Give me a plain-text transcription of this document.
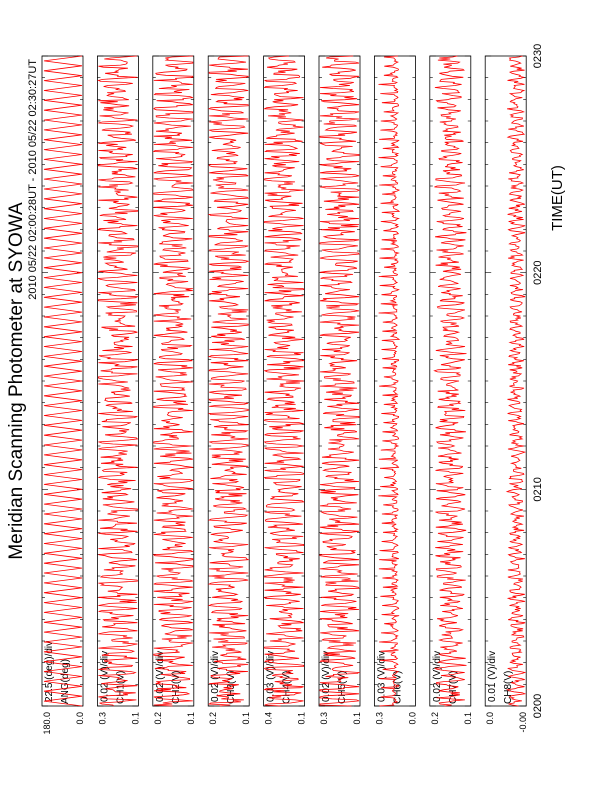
Meridian Scanning Photometer at SYOWA
2010 05/22 02:00:28UT - 2010 05/22 02:30:27UT
180.0	0.0
ANG(deg)
22.5 (deg)/div
0.3	0.1
CH1(V)
0.02 (V)/div
0.2	0.1
CH2(V)
0.02 (V)/div
0.2	0.1
CH3(V)
0.02 (V)/div
0.4	0.1
CH4(V)
0.03 (V)/div
0.3	0.1
CH5(V)
0.02 (V)/div
0.3	0.0
CH6(V)
0.03 (V)/div
0.2	0.1
CH7(V)
0.02 (V)/div
0.0	-0.00
CH8(V)
0.01 (V)/div
0200
0210
0220
0230
TIME(UT)
